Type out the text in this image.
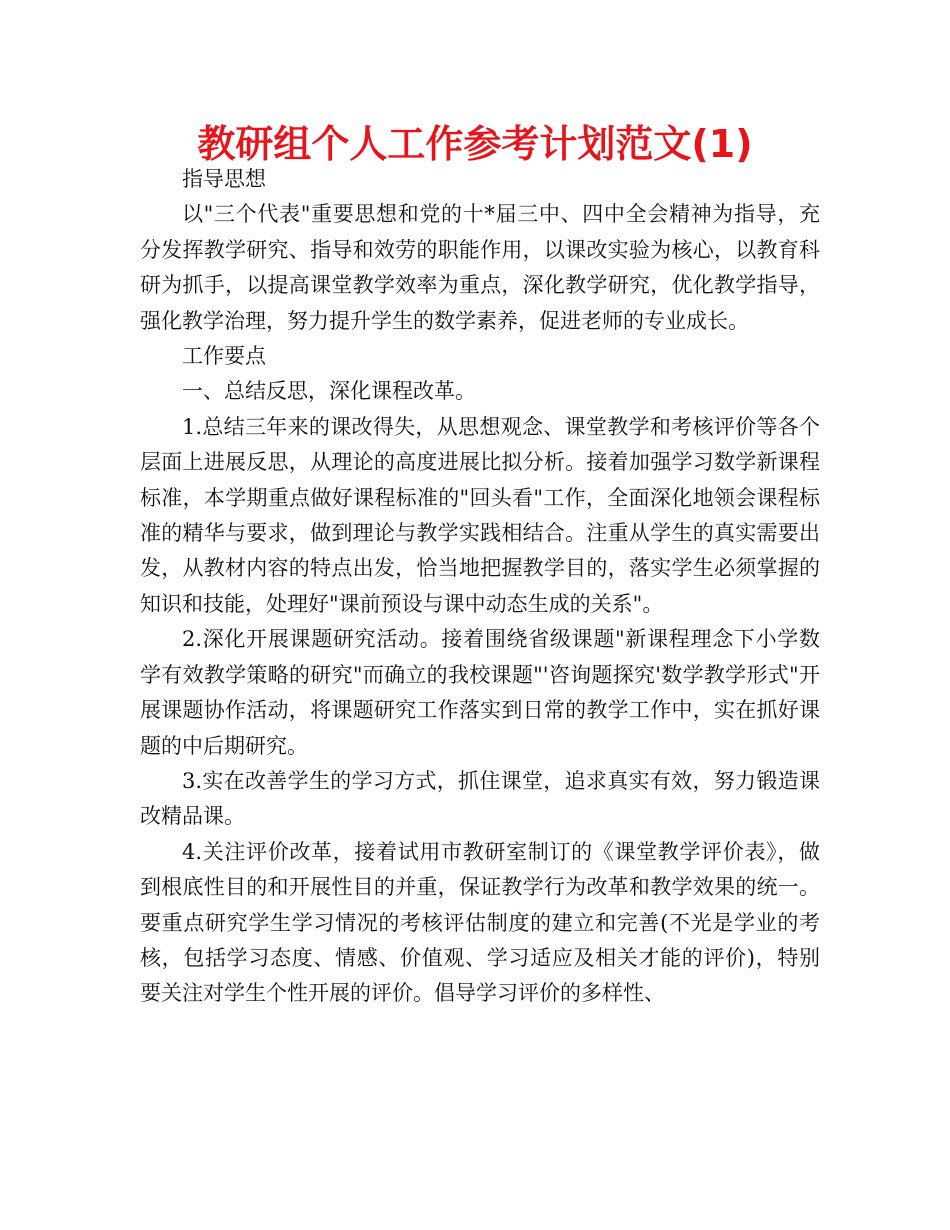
教研组个人工作参考计划范文(1)

指导思想

以"三个代表"重要思想和党的十*届三中、四中全会精神为指导，充分发挥教学研究、指导和效劳的职能作用，以课改实验为核心，以教育科研为抓手，以提高课堂教学效率为重点，深化教学研究，优化教学指导，强化教学治理，努力提升学生的数学素养，促进老师的专业成长。

工作要点

一、总结反思，深化课程改革。

1.总结三年来的课改得失，从思想观念、课堂教学和考核评价等各个层面上进展反思，从理论的高度进展比拟分析。接着加强学习数学新课程标准，本学期重点做好课程标准的"回头看"工作，全面深化地领会课程标准的精华与要求，做到理论与教学实践相结合。注重从学生的真实需要出发，从教材内容的特点出发，恰当地把握教学目的，落实学生必须掌握的知识和技能，处理好"课前预设与课中动态生成的关系"。

2.深化开展课题研究活动。接着围绕省级课题"新课程理念下小学数学有效教学策略的研究"而确立的我校课题"'咨询题探究'数学教学形式"开展课题协作活动，将课题研究工作落实到日常的教学工作中，实在抓好课题的中后期研究。

3.实在改善学生的学习方式，抓住课堂，追求真实有效，努力锻造课改精品课。

4.关注评价改革，接着试用市教研室制订的《课堂教学评价表》，做到根底性目的和开展性目的并重，保证教学行为改革和教学效果的统一。要重点研究学生学习情况的考核评估制度的建立和完善(不光是学业的考核，包括学习态度、情感、价值观、学习适应及相关才能的评价)，特别要关注对学生个性开展的评价。倡导学习评价的多样性、
